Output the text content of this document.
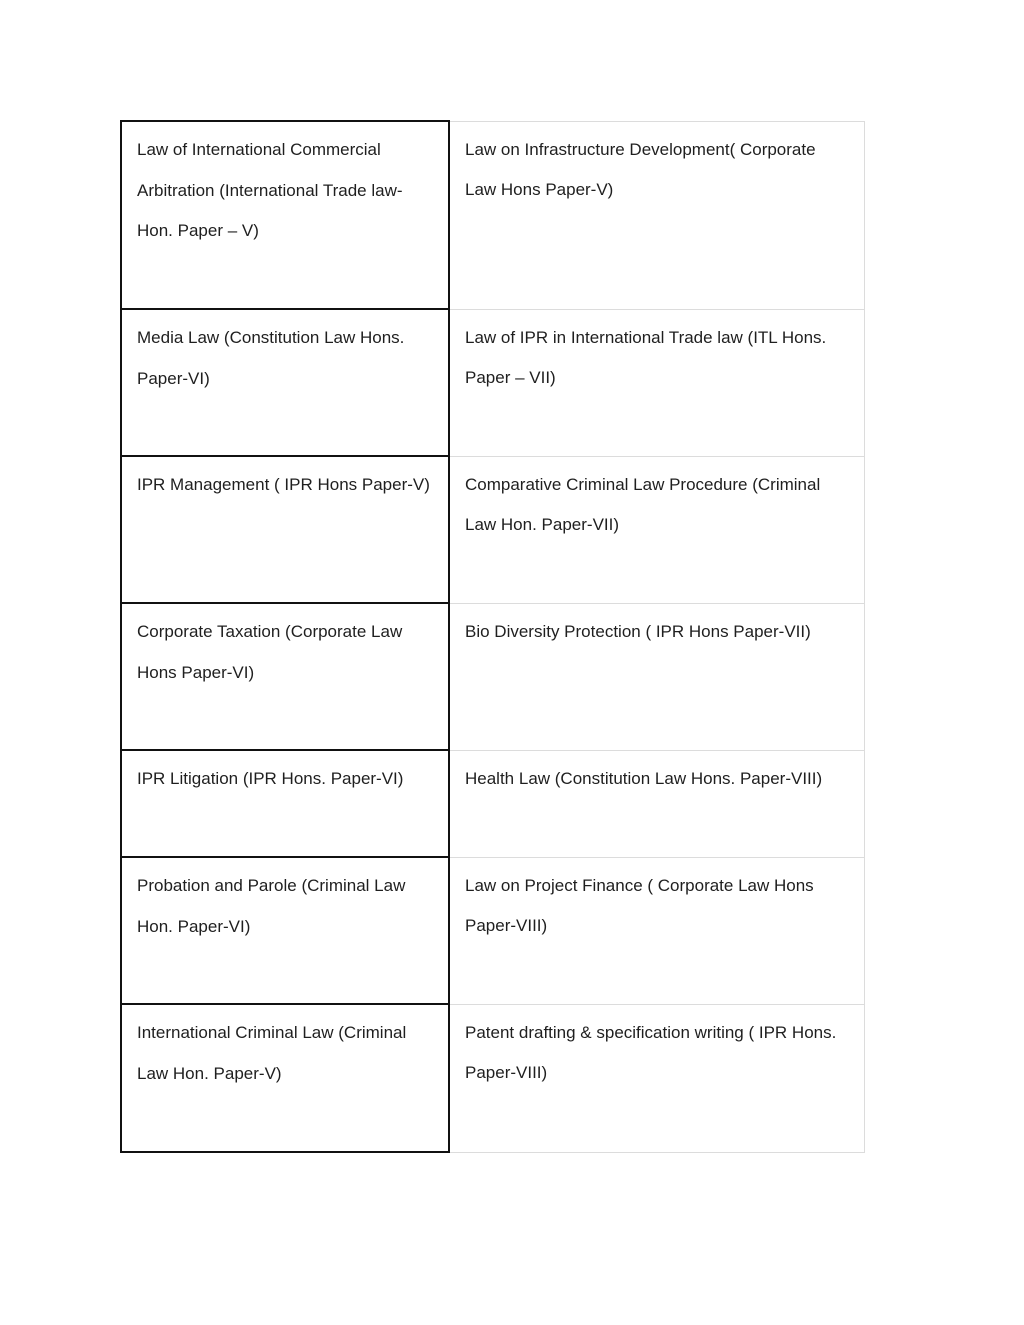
Law of International Commercial Arbitration (International Trade law- Hon. Paper – V)	Law on Infrastructure Development( Corporate Law Hons Paper-V)
Media Law (Constitution Law Hons. Paper-VI)	Law of IPR in International Trade law (ITL Hons. Paper – VII)
IPR Management ( IPR Hons Paper-V)	Comparative Criminal Law Procedure (Criminal Law Hon. Paper-VII)
Corporate Taxation (Corporate Law Hons Paper-VI)	Bio Diversity Protection ( IPR Hons Paper-VII)
IPR Litigation (IPR Hons. Paper-VI)	Health Law (Constitution Law Hons. Paper-VIII)
Probation and Parole (Criminal Law Hon. Paper-VI)	Law on Project Finance ( Corporate Law Hons Paper-VIII)
International Criminal Law (Criminal Law Hon. Paper-V)	Patent drafting & specification writing ( IPR Hons. Paper-VIII)
